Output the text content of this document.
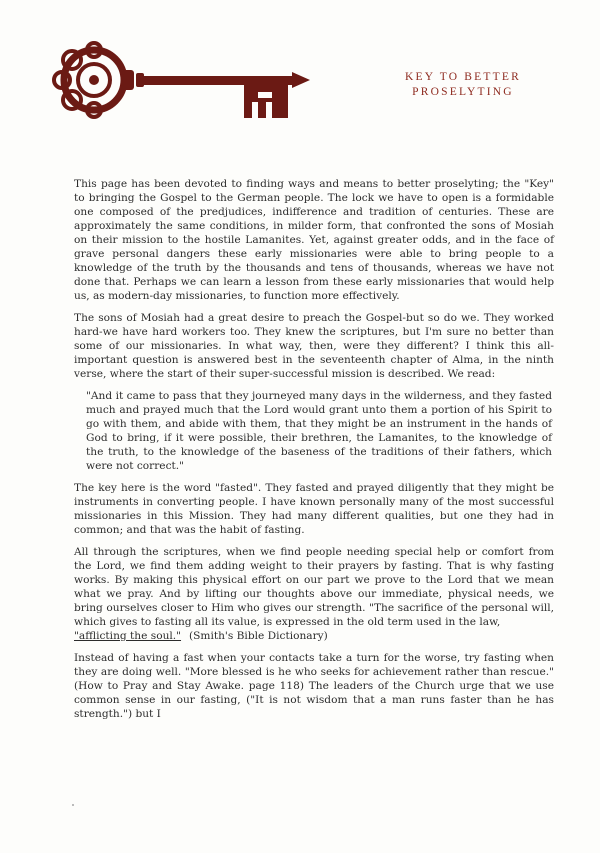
KEY TO BETTER
PROSELYTING

This page has been devoted to finding ways and means to better proselyting; the "Key" to bringing the Gospel to the German people. The lock we have to open is a formidable one composed of the predjudices, indifference and tradition of centuries. These are approximately the same conditions, in milder form, that confronted the sons of Mosiah on their mission to the hostile Lamanites. Yet, against greater odds, and in the face of grave personal dangers these early missionaries were able to bring people to a knowledge of the truth by the thousands and tens of thousands, whereas we have not done that. Perhaps we can learn a lesson from these early missionaries that would help us, as modern-day missionaries, to function more effectively.

The sons of Mosiah had a great desire to preach the Gospel-but so do we. They worked hard-we have hard workers too. They knew the scriptures, but I'm sure no better than some of our missionaries. In what way, then, were they different? I think this all-important question is answered best in the seventeenth chapter of Alma, in the ninth verse, where the start of their super-successful mission is described. We read:

"And it came to pass that they journeyed many days in the wilderness, and they fasted much and prayed much that the Lord would grant unto them a portion of his Spirit to go with them, and abide with them, that they might be an instrument in the hands of God to bring, if it were possible, their brethren, the Lamanites, to the knowledge of the truth, to the knowledge of the baseness of the traditions of their fathers, which were not correct."

The key here is the word "fasted". They fasted and prayed diligently that they might be instruments in converting people. I have known personally many of the most successful missionaries in this Mission. They had many different qualities, but one they had in common; and that was the habit of fasting.

All through the scriptures, when we find people needing special help or comfort from the Lord, we find them adding weight to their prayers by fasting. That is why fasting works. By making this physical effort on our part we prove to the Lord that we mean what we pray. And by lifting our thoughts above our immediate, physical needs, we bring ourselves closer to Him who gives our strength. "The sacrifice of the personal will, which gives to fasting all its value, is expressed in the old term used in the law,
"afflicting the soul." (Smith's Bible Dictionary)

Instead of having a fast when your contacts take a turn for the worse, try fasting when they are doing well. "More blessed is he who seeks for achievement rather than rescue." (How to Pray and Stay Awake. page 118) The leaders of the Church urge that we use common sense in our fasting, ("It is not wisdom that a man runs faster than he has strength.") but I
